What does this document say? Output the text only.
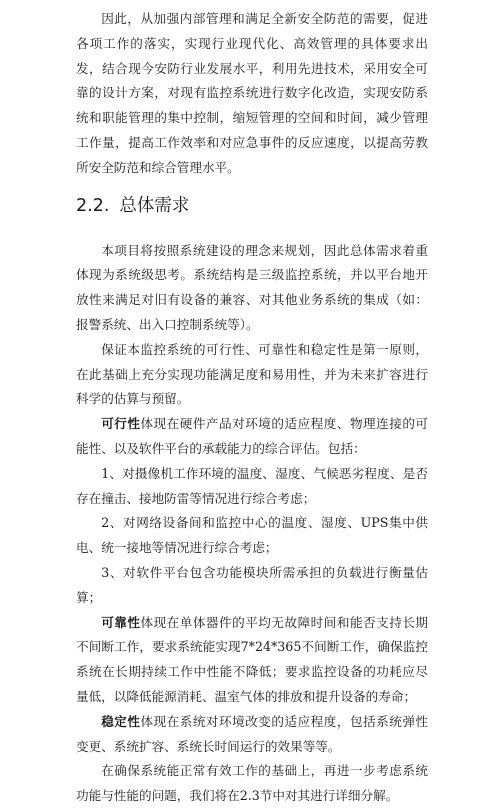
因此，从加强内部管理和满足全新安全防范的需要，促进各项工作的落实，实现行业现代化、高效管理的具体要求出发，结合现今安防行业发展水平，利用先进技术，采用安全可靠的设计方案，对现有监控系统进行数字化改造，实现安防系统和职能管理的集中控制，缩短管理的空间和时间，减少管理工作量，提高工作效率和对应急事件的反应速度，以提高劳教所安全防范和综合管理水平。

2.2. 总体需求

本项目将按照系统建设的理念来规划，因此总体需求着重体现为系统级思考。系统结构是三级监控系统，并以平台地开放性来满足对旧有设备的兼容、对其他业务系统的集成（如：报警系统、出入口控制系统等）。

保证本监控系统的可行性、可靠性和稳定性是第一原则，在此基础上充分实现功能满足度和易用性，并为未来扩容进行科学的估算与预留。

可行性体现在硬件产品对环境的适应程度、物理连接的可能性、以及软件平台的承载能力的综合评估。包括：

1、对摄像机工作环境的温度、湿度、气候恶劣程度、是否存在撞击、接地防雷等情况进行综合考虑；

2、对网络设备间和监控中心的温度、湿度、UPS集中供电、统一接地等情况进行综合考虑；

3、对软件平台包含功能模块所需承担的负载进行衡量估算；

可靠性体现在单体器件的平均无故障时间和能否支持长期不间断工作，要求系统能实现7*24*365不间断工作，确保监控系统在长期持续工作中性能不降低；要求监控设备的功耗应尽量低，以降低能源消耗、温室气体的排放和提升设备的寿命；

稳定性体现在系统对环境改变的适应程度，包括系统弹性变更、系统扩容、系统长时间运行的效果等等。

在确保系统能正常有效工作的基础上，再进一步考虑系统功能与性能的问题，我们将在2.3节中对其进行详细分解。
